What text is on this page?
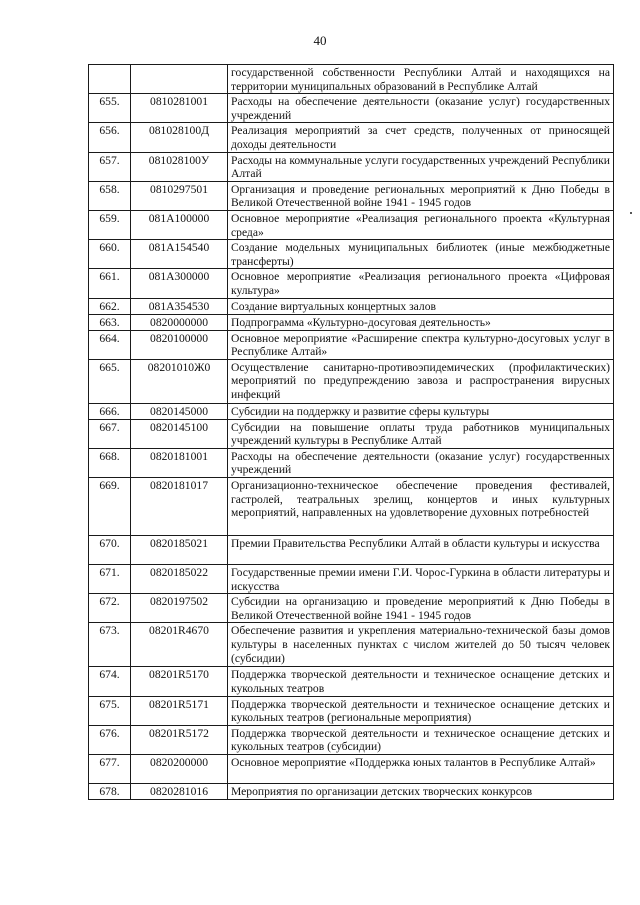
40
		государственной собственности Республики Алтай и находящихся на территории муниципальных образований в Республике Алтай
655.	0810281001	Расходы на обеспечение деятельности (оказание услуг) государственных учреждений
656.	081028100Д	Реализация мероприятий за счет средств, полученных от приносящей доходы деятельности
657.	081028100У	Расходы на коммунальные услуги государственных учреждений Республики Алтай
658.	0810297501	Организация и проведение региональных мероприятий к Дню Победы в Великой Отечественной войне 1941 - 1945 годов
659.	081А100000	Основное мероприятие «Реализация регионального проекта «Культурная среда»
660.	081А154540	Создание модельных муниципальных библиотек (иные межбюджетные трансферты)
661.	081А300000	Основное мероприятие «Реализация регионального проекта «Цифровая культура»
662.	081А354530	Создание виртуальных концертных залов
663.	0820000000	Подпрограмма «Культурно-досуговая деятельность»
664.	0820100000	Основное мероприятие «Расширение спектра культурно-досуговых услуг в Республике Алтай»
665.	08201010Ж0	Осуществление санитарно-противоэпидемических (профилактических) мероприятий по предупреждению завоза и распространения вирусных инфекций
666.	0820145000	Субсидии на поддержку и развитие сферы культуры
667.	0820145100	Субсидии на повышение оплаты труда работников муниципальных учреждений культуры в Республике Алтай
668.	0820181001	Расходы на обеспечение деятельности (оказание услуг) государственных учреждений
669.	0820181017	Организационно-техническое обеспечение проведения фестивалей, гастролей, театральных зрелищ, концертов и иных культурных мероприятий, направленных на удовлетворение духовных потребностей
670.	0820185021	Премии Правительства Республики Алтай в области культуры и искусства
671.	0820185022	Государственные премии имени Г.И. Чорос-Гуркина в области литературы и искусства
672.	0820197502	Субсидии на организацию и проведение мероприятий к Дню Победы в Великой Отечественной войне 1941 - 1945 годов
673.	08201R4670	Обеспечение развития и укрепления материально-технической базы домов культуры в населенных пунктах с числом жителей до 50 тысяч человек (субсидии)
674.	08201R5170	Поддержка творческой деятельности и техническое оснащение детских и кукольных театров
675.	08201R5171	Поддержка творческой деятельности и техническое оснащение детских и кукольных театров (региональные мероприятия)
676.	08201R5172	Поддержка творческой деятельности и техническое оснащение детских и кукольных театров (субсидии)
677.	0820200000	Основное мероприятие «Поддержка юных талантов в Республике Алтай»
678.	0820281016	Мероприятия по организации детских творческих конкурсов
